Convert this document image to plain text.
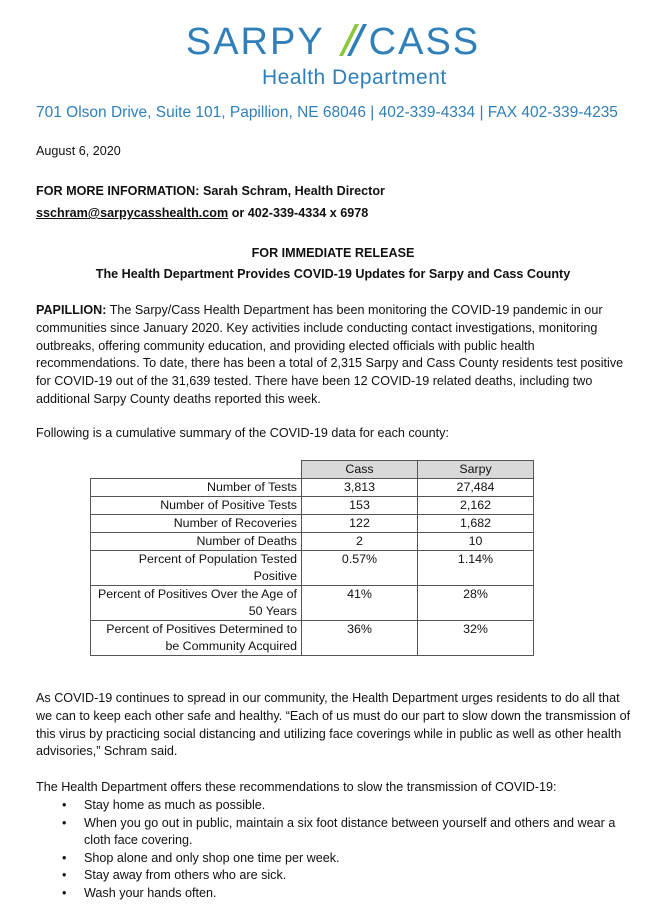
SARPY CASS
Health Department
701 Olson Drive, Suite 101, Papillion, NE 68046 | 402-339-4334 | FAX 402-339-4235

August 6, 2020

FOR MORE INFORMATION: Sarah Schram, Health Director

sschram@sarpycasshealth.com or 402-339-4334 x 6978

FOR IMMEDIATE RELEASE
The Health Department Provides COVID-19 Updates for Sarpy and Cass County
PAPILLION: The Sarpy/Cass Health Department has been monitoring the COVID-19 pandemic in our communities since January 2020. Key activities include conducting contact investigations, monitoring outbreaks, offering community education, and providing elected officials with public health recommendations. To date, there has been a total of 2,315 Sarpy and Cass County residents test positive for COVID-19 out of the 31,639 tested. There have been 12 COVID-19 related deaths, including two additional Sarpy County deaths reported this week.
Following is a cumulative summary of the COVID-19 data for each county:
	Cass	Sarpy
Number of Tests	3,813	27,484
Number of Positive Tests	153	2,162
Number of Recoveries	122	1,682
Number of Deaths	2	10
Percent of Population Tested Positive	0.57%	1.14%
Percent of Positives Over the Age of 50 Years	41%	28%
Percent of Positives Determined to be Community Acquired	36%	32%
As COVID-19 continues to spread in our community, the Health Department urges residents to do all that we can to keep each other safe and healthy. “Each of us must do our part to slow down the transmission of this virus by practicing social distancing and utilizing face coverings while in public as well as other health advisories,” Schram said.
The Health Department offers these recommendations to slow the transmission of COVID-19:
• Stay home as much as possible.
• When you go out in public, maintain a six foot distance between yourself and others and wear a cloth face covering.
• Shop alone and only shop one time per week.
• Stay away from others who are sick.
• Wash your hands often.
